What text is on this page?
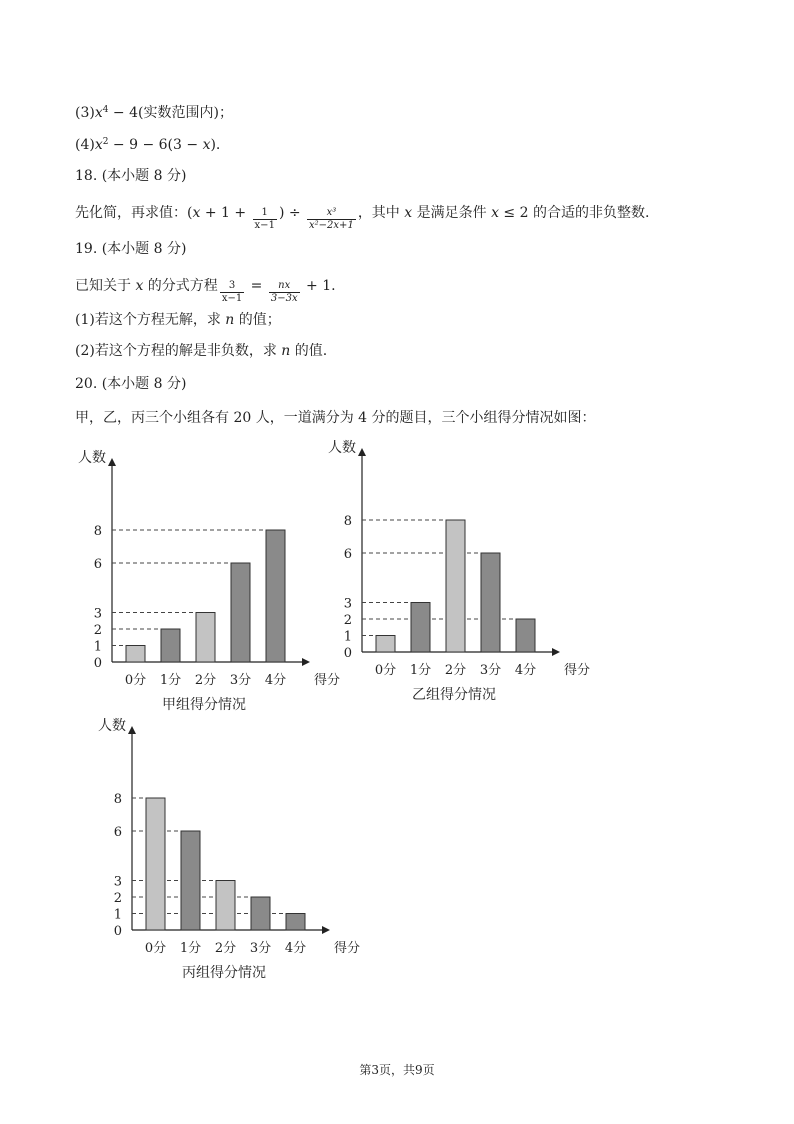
$(3)x^4 - 4$(实数范围内)；
$(4)x^2 - 9 - 6(3 - x)$.
18. (本小题 8 分)
先化简，再求值：($x + 1 + \frac{1}{x-1}$ ) ÷ $\frac{\text{x³}}{\text{x²−2x+1}}$ ，其中 x 是满足条件 x ≤ 2 的合适的非负整数.
19. (本小题 8 分)
已知关于 x 的分式方程 $\frac{3}{x-1} = \frac{nx}{3-3x} + 1$.
(1)若这个方程无解，求 n 的值；
(2)若这个方程的解是非负数，求 n 的值.
20. (本小题 8 分)
甲，乙，丙三个小组各有 20 人，一道满分为 4 分的题目，三个小组得分情况如图：
人数
0
1
2
3
6
8
0分 1分 2分 3分 4分 得分
甲组得分情况
人数
0
1
2
3
6
8
0分 1分 2分 3分 4分 得分
乙组得分情况
人数
0
1
2
3
6
8
0分 1分 2分 3分 4分 得分
丙组得分情况
第3页，共9页
